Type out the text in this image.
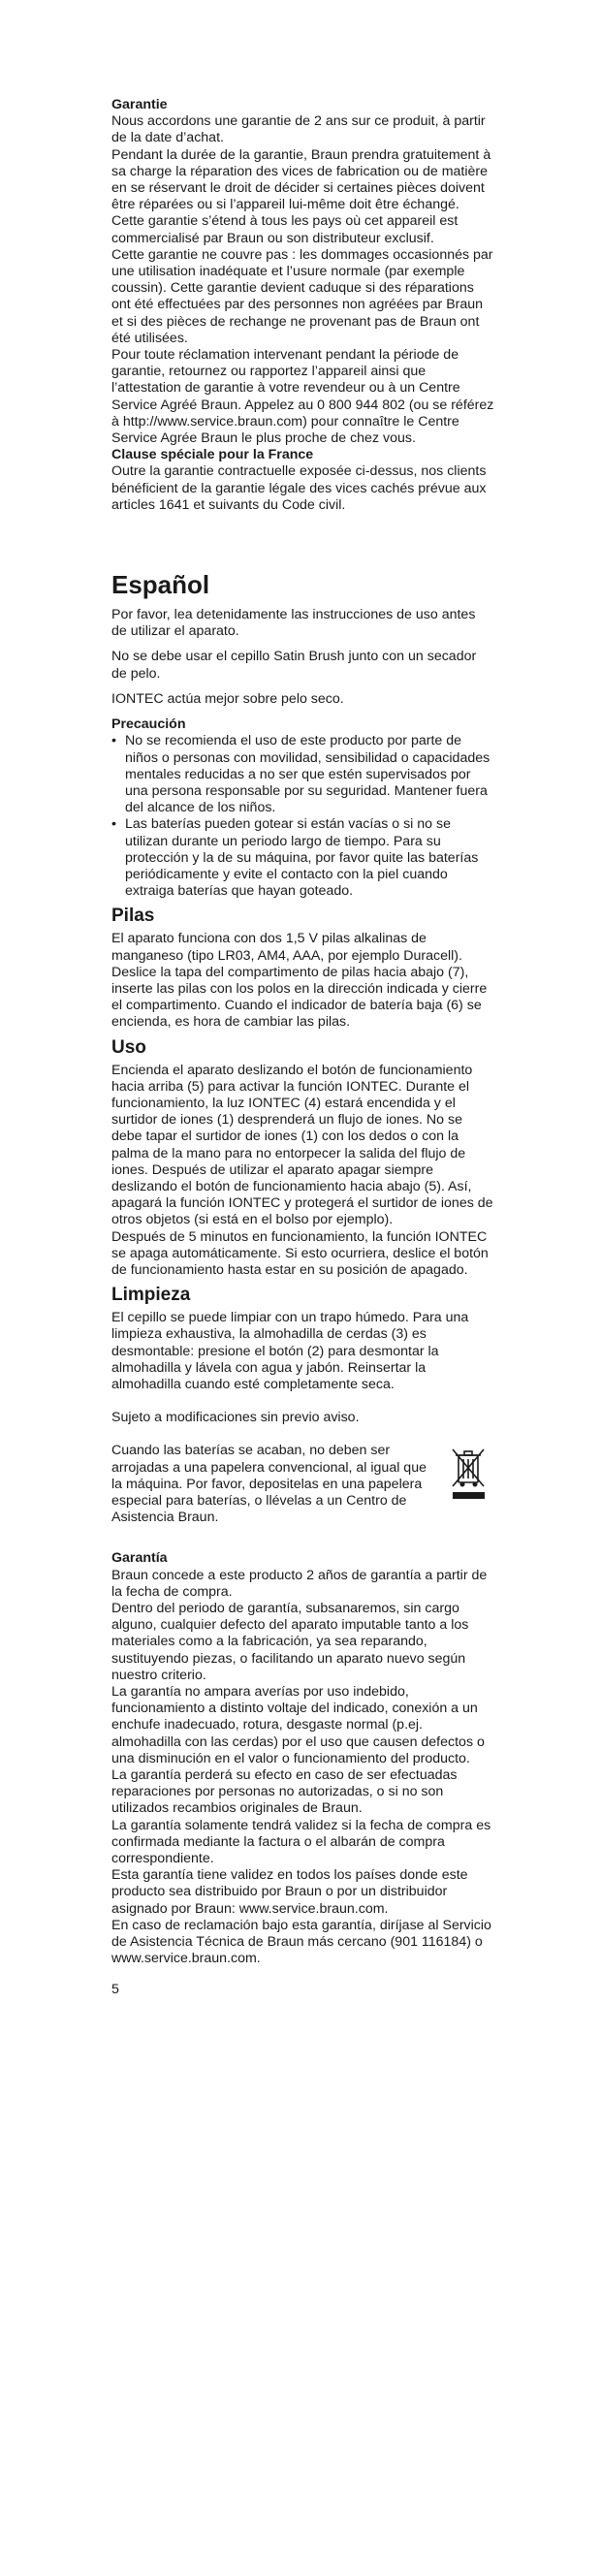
Garantie

Nous accordons une garantie de 2 ans sur ce produit, à partir de la date d’achat.

Pendant la durée de la garantie, Braun prendra gratuitement à sa charge la réparation des vices de fabrication ou de matière en se réservant le droit de décider si certaines pièces doivent être réparées ou si l’appareil lui-même doit être échangé.

Cette garantie s’étend à tous les pays où cet appareil est commercialisé par Braun ou son distributeur exclusif.

Cette garantie ne couvre pas : les dommages occasionnés par une utilisation inadéquate et l’usure normale (par exemple coussin). Cette garantie devient caduque si des réparations ont été effectuées par des personnes non agréées par Braun et si des pièces de rechange ne provenant pas de Braun ont été utilisées.

Pour toute réclamation intervenant pendant la période de garantie, retournez ou rapportez l’appareil ainsi que l’attestation de garantie à votre revendeur ou à un Centre Service Agréé Braun. Appelez au 0 800 944 802 (ou se référez à http://www.service.braun.com) pour connaître le Centre Service Agrée Braun le plus proche de chez vous.

Clause spéciale pour la France

Outre la garantie contractuelle exposée ci-dessus, nos clients bénéficient de la garantie légale des vices cachés prévue aux articles 1641 et suivants du Code civil.

Español

Por favor, lea detenidamente las instrucciones de uso antes de utilizar el aparato.

No se debe usar el cepillo Satin Brush junto con un secador de pelo.

IONTEC actúa mejor sobre pelo seco.

Precaución

• No se recomienda el uso de este producto por parte de niños o personas con movilidad, sensibilidad o capacidades mentales reducidas a no ser que estén supervisados por una persona responsable por su seguridad. Mantener fuera del alcance de los niños.
• Las baterías pueden gotear si están vacías o si no se utilizan durante un periodo largo de tiempo. Para su protección y la de su máquina, por favor quite las baterías periódicamente y evite el contacto con la piel cuando extraiga baterías que hayan goteado.
Pilas

El aparato funciona con dos 1,5 V pilas alkalinas de manganeso (tipo LR03, AM4, AAA, por ejemplo Duracell). Deslice la tapa del compartimento de pilas hacia abajo (7), inserte las pilas con los polos en la dirección indicada y cierre el compartimento. Cuando el indicador de batería baja (6) se encienda, es hora de cambiar las pilas.

Uso

Encienda el aparato deslizando el botón de funcionamiento hacia arriba (5) para activar la función IONTEC. Durante el funcionamiento, la luz IONTEC (4) estará encendida y el surtidor de iones (1) desprenderá un flujo de iones. No se debe tapar el surtidor de iones (1) con los dedos o con la palma de la mano para no entorpecer la salida del flujo de iones. Después de utilizar el aparato apagar siempre deslizando el botón de funcionamiento hacia abajo (5). Así, apagará la función IONTEC y protegerá el surtidor de iones de otros objetos (si está en el bolso por ejemplo).

Después de 5 minutos en funcionamiento, la función IONTEC se apaga automáticamente. Si esto ocurriera, deslice el botón de funcionamiento hasta estar en su posición de apagado.

Limpieza

El cepillo se puede limpiar con un trapo húmedo. Para una limpieza exhaustiva, la almohadilla de cerdas (3) es desmontable: presione el botón (2) para desmontar la almohadilla y lávela con agua y jabón. Reinsertar la almohadilla cuando esté completamente seca.

Sujeto a modificaciones sin previo aviso.

Cuando las baterías se acaban, no deben ser arrojadas a una papelera convencional, al igual que la máquina. Por favor, depositelas en una papelera especial para baterías, o llévelas a un Centro de Asistencia Braun.

Garantía

Braun concede a este producto 2 años de garantía a partir de la fecha de compra.

Dentro del periodo de garantía, subsanaremos, sin cargo alguno, cualquier defecto del aparato imputable tanto a los materiales como a la fabricación, ya sea reparando, sustituyendo piezas, o facilitando un aparato nuevo según nuestro criterio.

La garantía no ampara averías por uso indebido, funcionamiento a distinto voltaje del indicado, conexión a un enchufe inadecuado, rotura, desgaste normal (p.ej. almohadilla con las cerdas) por el uso que causen defectos o una disminución en el valor o funcionamiento del producto.

La garantía perderá su efecto en caso de ser efectuadas reparaciones por personas no autorizadas, o si no son utilizados recambios originales de Braun.

La garantía solamente tendrá validez si la fecha de compra es confirmada mediante la factura o el albarán de compra correspondiente.

Esta garantía tiene validez en todos los países donde este producto sea distribuido por Braun o por un distribuidor asignado por Braun: www.service.braun.com.

En caso de reclamación bajo esta garantía, diríjase al Servicio de Asistencia Técnica de Braun más cercano (901 116184) o www.service.braun.com.

5
